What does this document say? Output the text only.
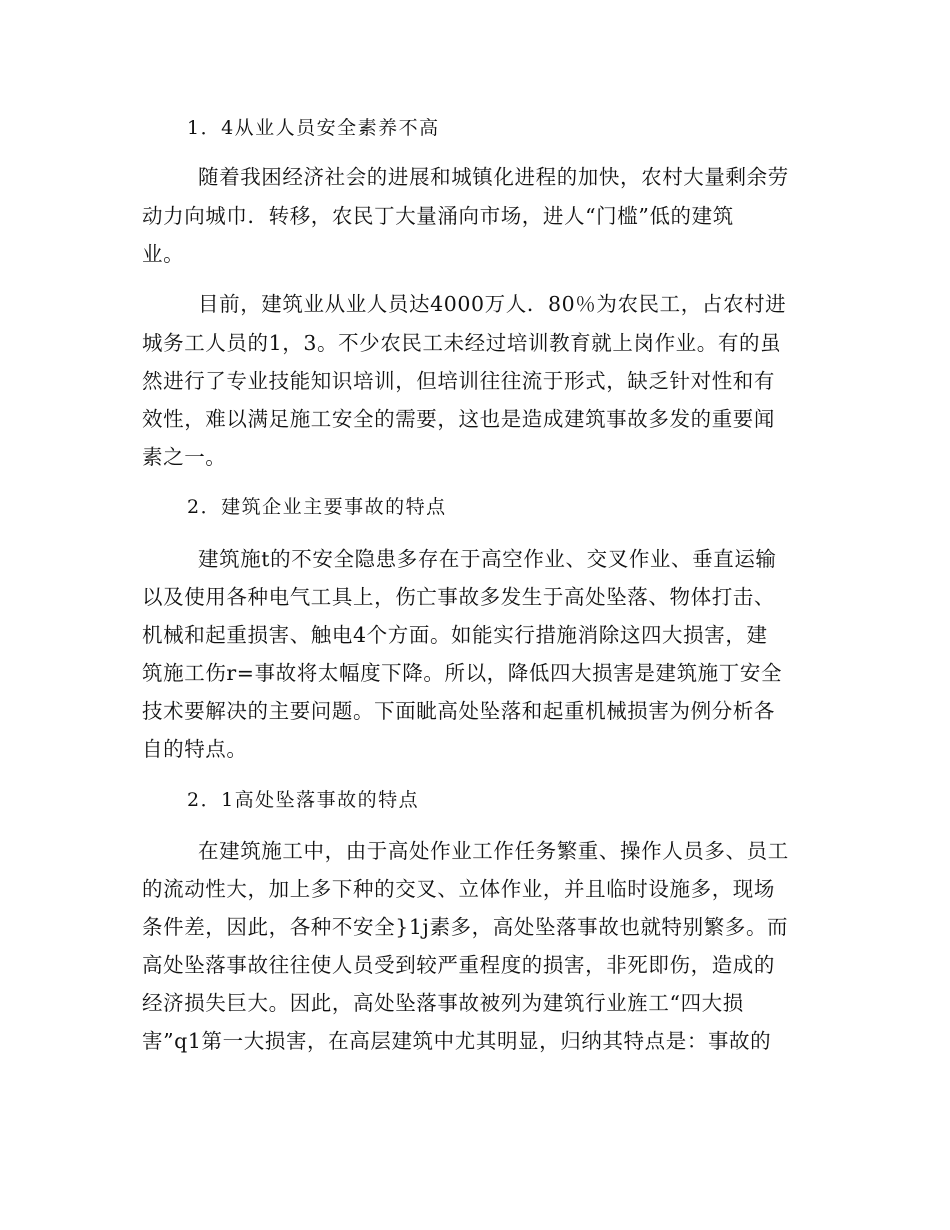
1．4从业人员安全素养不高
随着我困经济社会的进展和城镇化进程的加快，农村大量剩余劳
动力向城巾．转移，农民丁大量涌向市场，进人“门槛”低的建筑
业。
目前，建筑业从业人员达4000万人．80％为农民工，占农村进
城务工人员的1，3。不少农民工未经过培训教育就上岗作业。有的虽
然进行了专业技能知识培训，但培训往往流于形式，缺乏针对性和有
效性，难以满足施工安全的需要，这也是造成建筑事故多发的重要闻
素之一。
2．建筑企业主要事故的特点
建筑施t的不安全隐患多存在于高空作业、交叉作业、垂直运输
以及使用各种电气工具上，伤亡事故多发生于高处坠落、物体打击、
机械和起重损害、触电4个方面。如能实行措施消除这四大损害，建
筑施工伤r=事故将太幅度下降。所以，降低四大损害是建筑施丁安全
技术要解决的主要问题。下面眦高处坠落和起重机械损害为例分析各
自的特点。
2．1高处坠落事故的特点
在建筑施工中，由于高处作业工作任务繁重、操作人员多、员工
的流动性大，加上多下种的交叉、立体作业，并且临时设施多，现场
条件差，因此，各种不安全}1j素多，高处坠落事故也就特别繁多。而
高处坠落事故往往使人员受到较严重程度的损害，非死即伤，造成的
经济损失巨大。因此，高处坠落事故被列为建筑行业旌工“四大损
害”q1第一大损害，在高层建筑中尤其明显，归纳其特点是：事故的
